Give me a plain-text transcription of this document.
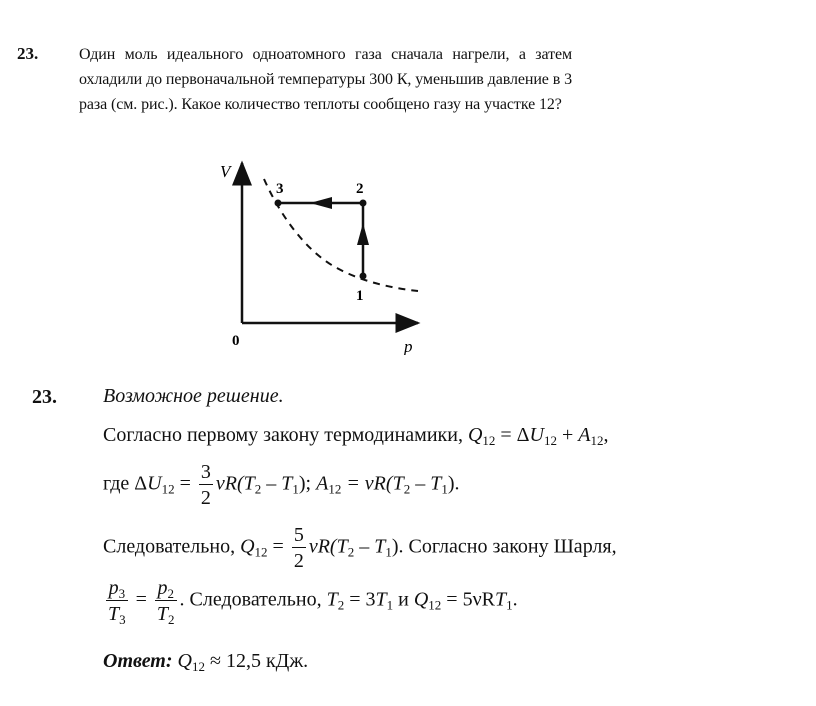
23.	Один моль идеального одноатомного газа сначала нагрели, а затем охладили до первоначальной температуры 300 К, уменьшив давление в 3 раза (см. рис.). Какое количество теплоты сообщено газу на участке 12?
V
p
0
1
2
3
23. Возможное решение.
Согласно первому закону термодинамики, $Q_{12} = \Delta U_{12} + A_{12}$,
где $\Delta U_{12} = \frac{3}{2} \nu R(T_2 - T_1)$; $A_{12} = \nu R(T_2 - T_1)$.
Следовательно, $Q_{12} = \frac{5}{2} \nu R(T_2 - T_1)$. Согласно закону Шарля,
$\frac{p_3}{T_3} = \frac{p_2}{T_2}$ . Следовательно, $T_2 = 3T_1$ и $Q_{12} = 5\nu RT_1$.
Ответ: $Q_{12} \approx 12,5$ кДж.
